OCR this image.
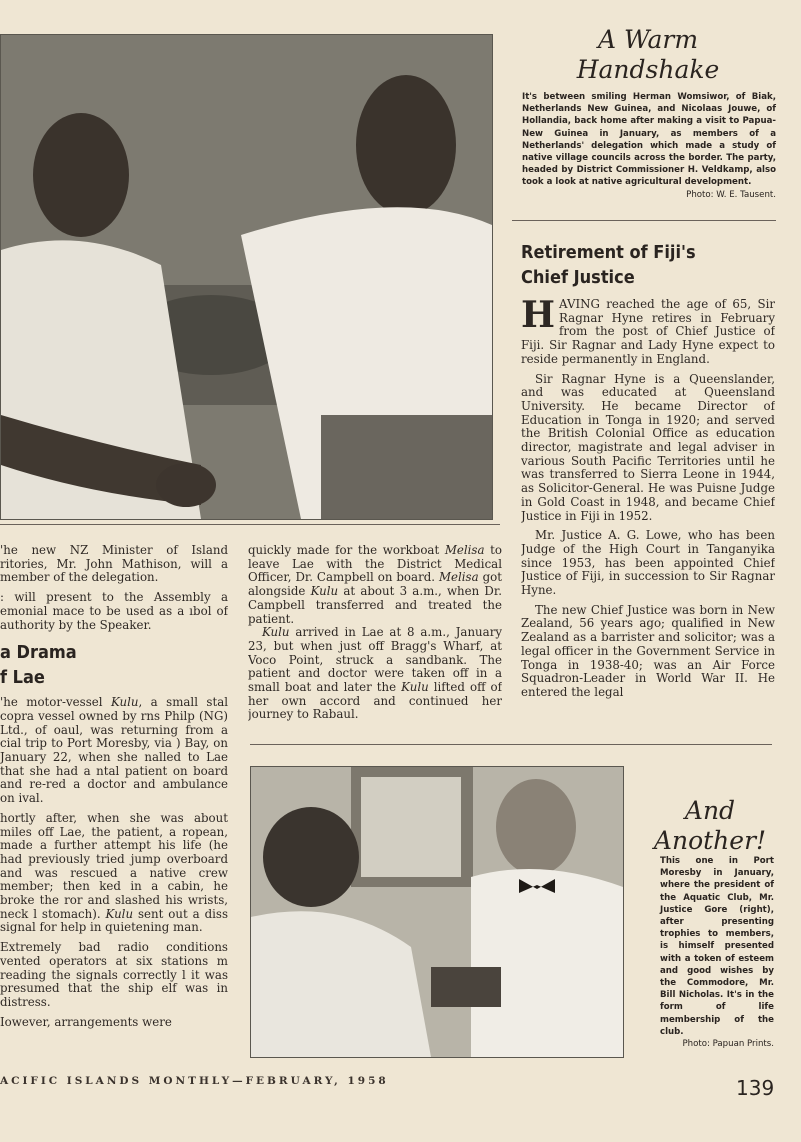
A Warm
Handshake
It's between smiling Herman Womsiwor, of Biak, Netherlands New Guinea, and Nicolaas Jouwe, of Hollandia, back home after making a visit to Papua-New Guinea in January, as members of a Netherlands' delegation which made a study of native village councils across the border. The party, headed by District Commissioner H. Veldkamp, also took a look at native agricultural development.
Photo: W. E. Tausent.
Retirement of Fiji's
Chief Justice

HAVING reached the age of 65, Sir Ragnar Hyne retires in February from the post of Chief Justice of Fiji. Sir Ragnar and Lady Hyne expect to reside permanently in England.

Sir Ragnar Hyne is a Queenslander, and was educated at Queensland University. He became Director of Education in Tonga in 1920; and served the British Colonial Office as education director, magistrate and legal adviser in various South Pacific Territories until he was transferred to Sierra Leone in 1944, as Solicitor-General. He was Puisne Judge in Gold Coast in 1948, and became Chief Justice in Fiji in 1952.

Mr. Justice A. G. Lowe, who has been Judge of the High Court in Tanganyika since 1953, has been appointed Chief Justice of Fiji, in succession to Sir Ragnar Hyne.

The new Chief Justice was born in New Zealand, 56 years ago; qualified in New Zealand as a barrister and solicitor; was a legal officer in the Government Service in Tonga in 1938-40; was an Air Force Squadron-Leader in World War II. He entered the legal

'he new NZ Minister of Island ritories, Mr. John Mathison, will a member of the delegation.

: will present to the Assembly a emonial mace to be used as a ıbol of authority by the Speaker.

a Drama
f Lae

'he motor-vessel Kulu, a small stal copra vessel owned by rns Philp (NG) Ltd., of oaul, was returning from a cial trip to Port Moresby, via ) Bay, on January 22, when she nalled to Lae that she had a ntal patient on board and re-red a doctor and ambulance on ival.

hortly after, when she was about miles off Lae, the patient, a ropean, made a further attempt his life (he had previously tried jump overboard and was rescued a native crew member; then ked in a cabin, he broke the ror and slashed his wrists, neck l stomach). Kulu sent out a diss signal for help in quietening man.

Extremely bad radio conditions vented operators at six stations m reading the signals correctly l it was presumed that the ship elf was in distress.

Iowever, arrangements were

quickly made for the workboat Melisa to leave Lae with the District Medical Officer, Dr. Campbell on board. Melisa got alongside Kulu at about 3 a.m., when Dr. Campbell transferred and treated the patient.

Kulu arrived in Lae at 8 a.m., January 23, but when just off Bragg's Wharf, at Voco Point, struck a sandbank. The patient and doctor were taken off in a small boat and later the Kulu lifted off of her own accord and continued her journey to Rabaul.

And
Another!
This one in Port Moresby in January, where the president of the Aquatic Club, Mr. Justice Gore (right), after presenting trophies to members, is himself presented with a token of esteem and good wishes by the Commodore, Mr. Bill Nicholas. It's in the form of life membership of the club.
Photo: Papuan Prints.
ACIFIC ISLANDS MONTHLY—FEBRUARY, 1958	139
